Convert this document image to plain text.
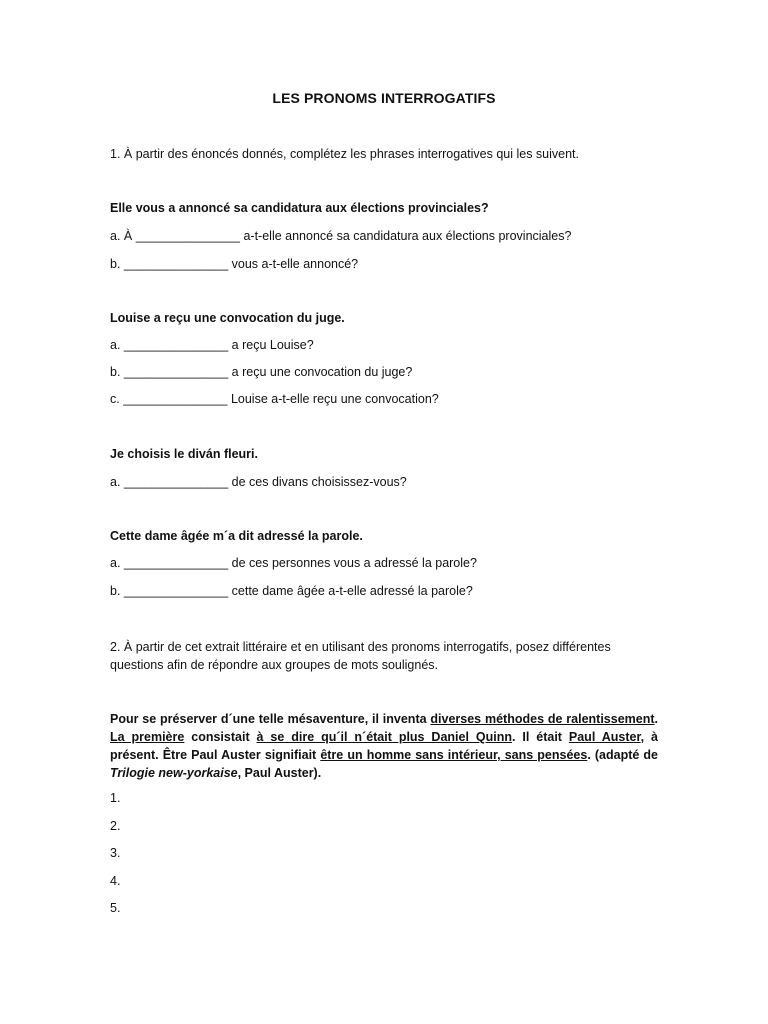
LES PRONOMS INTERROGATIFS
1. À partir des énoncés donnés, complétez les phrases interrogatives qui les suivent.
Elle vous a annoncé sa candidatura aux élections provinciales?
a. À _______________ a-t-elle annoncé sa candidatura aux élections provinciales?
b. _______________ vous a-t-elle annoncé?
Louise a reçu une convocation du juge.
a. _______________ a reçu Louise?
b. _______________ a reçu une convocation du juge?
c. _______________ Louise a-t-elle reçu une convocation?
Je choisis le diván fleuri.
a. _______________ de ces divans choisissez-vous?
Cette dame âgée m´a dit adressé la parole.
a. _______________ de ces personnes vous a adressé la parole?
b. _______________ cette dame âgée a-t-elle adressé la parole?
2. À partir de cet extrait littéraire et en utilisant des pronoms interrogatifs, posez différentes questions afin de répondre aux groupes de mots soulignés.
Pour se préserver d´une telle mésaventure, il inventa diverses méthodes de ralentissement. La première consistait à se dire qu´il n´était plus Daniel Quinn. Il était Paul Auster, à présent. Être Paul Auster signifiait être un homme sans intérieur, sans pensées. (adapté de Trilogie new-yorkaise, Paul Auster).
1.
2.
3.
4.
5.
